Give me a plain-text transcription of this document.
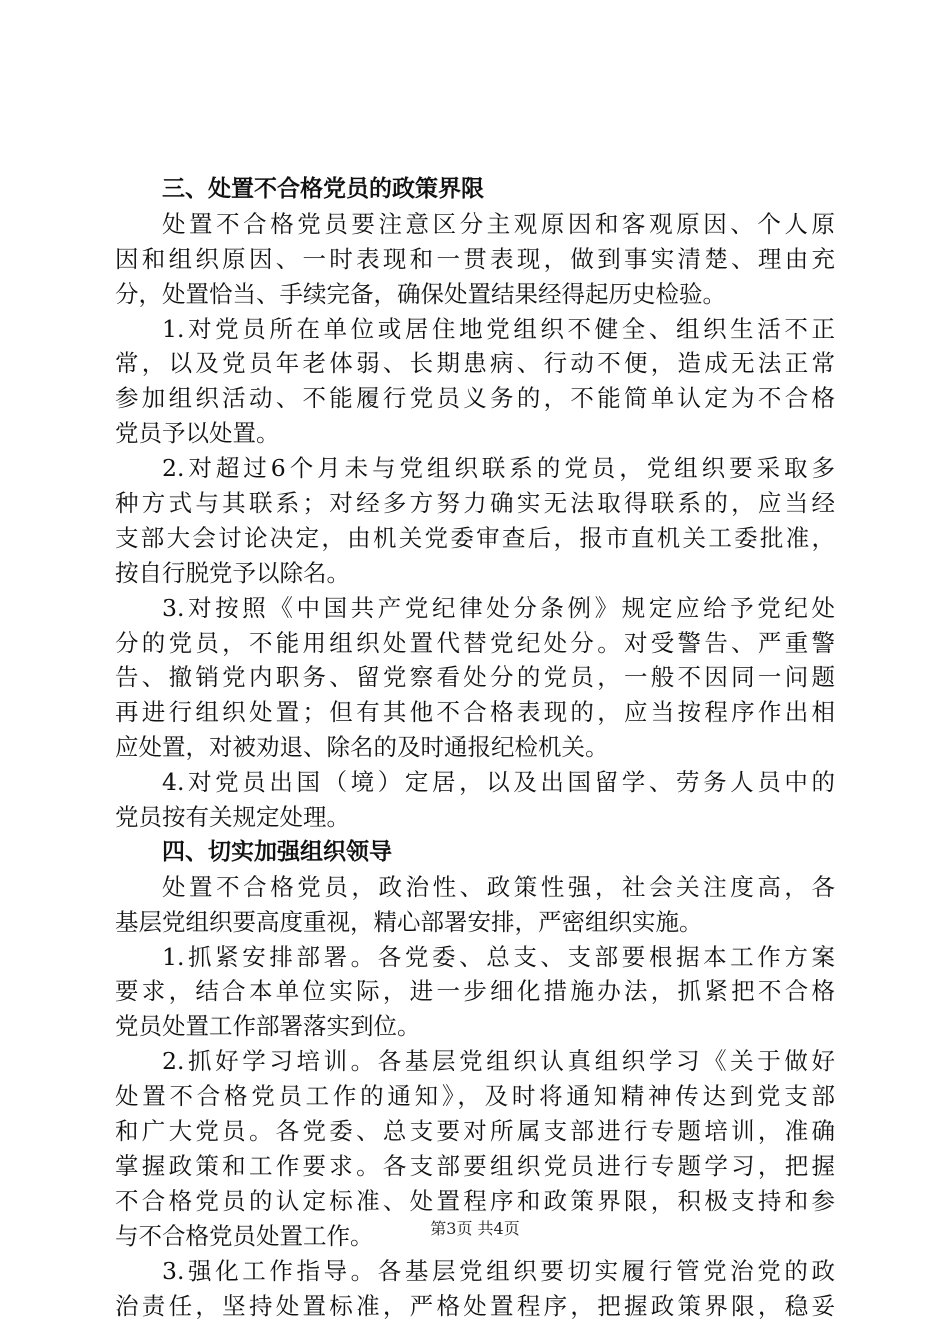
三、处置不合格党员的政策界限
处置不合格党员要注意区分主观原因和客观原因、个人原
因和组织原因、一时表现和一贯表现，做到事实清楚、理由充
分，处置恰当、手续完备，确保处置结果经得起历史检验。
1.对党员所在单位或居住地党组织不健全、组织生活不正
常，以及党员年老体弱、长期患病、行动不便，造成无法正常
参加组织活动、不能履行党员义务的，不能简单认定为不合格
党员予以处置。
2.对超过6个月未与党组织联系的党员，党组织要采取多
种方式与其联系；对经多方努力确实无法取得联系的，应当经
支部大会讨论决定，由机关党委审查后，报市直机关工委批准，
按自行脱党予以除名。
3.对按照《中国共产党纪律处分条例》规定应给予党纪处
分的党员，不能用组织处置代替党纪处分。对受警告、严重警
告、撤销党内职务、留党察看处分的党员，一般不因同一问题
再进行组织处置；但有其他不合格表现的，应当按程序作出相
应处置，对被劝退、除名的及时通报纪检机关。
4.对党员出国（境）定居，以及出国留学、劳务人员中的
党员按有关规定处理。
四、切实加强组织领导
处置不合格党员，政治性、政策性强，社会关注度高，各
基层党组织要高度重视，精心部署安排，严密组织实施。
1.抓紧安排部署。各党委、总支、支部要根据本工作方案
要求，结合本单位实际，进一步细化措施办法，抓紧把不合格
党员处置工作部署落实到位。
2.抓好学习培训。各基层党组织认真组织学习《关于做好
处置不合格党员工作的通知》，及时将通知精神传达到党支部
和广大党员。各党委、总支要对所属支部进行专题培训，准确
掌握政策和工作要求。各支部要组织党员进行专题学习，把握
不合格党员的认定标准、处置程序和政策界限，积极支持和参
与不合格党员处置工作。
3.强化工作指导。各基层党组织要切实履行管党治党的政
治责任，坚持处置标准，严格处置程序，把握政策界限，稳妥
第3页 共4页
